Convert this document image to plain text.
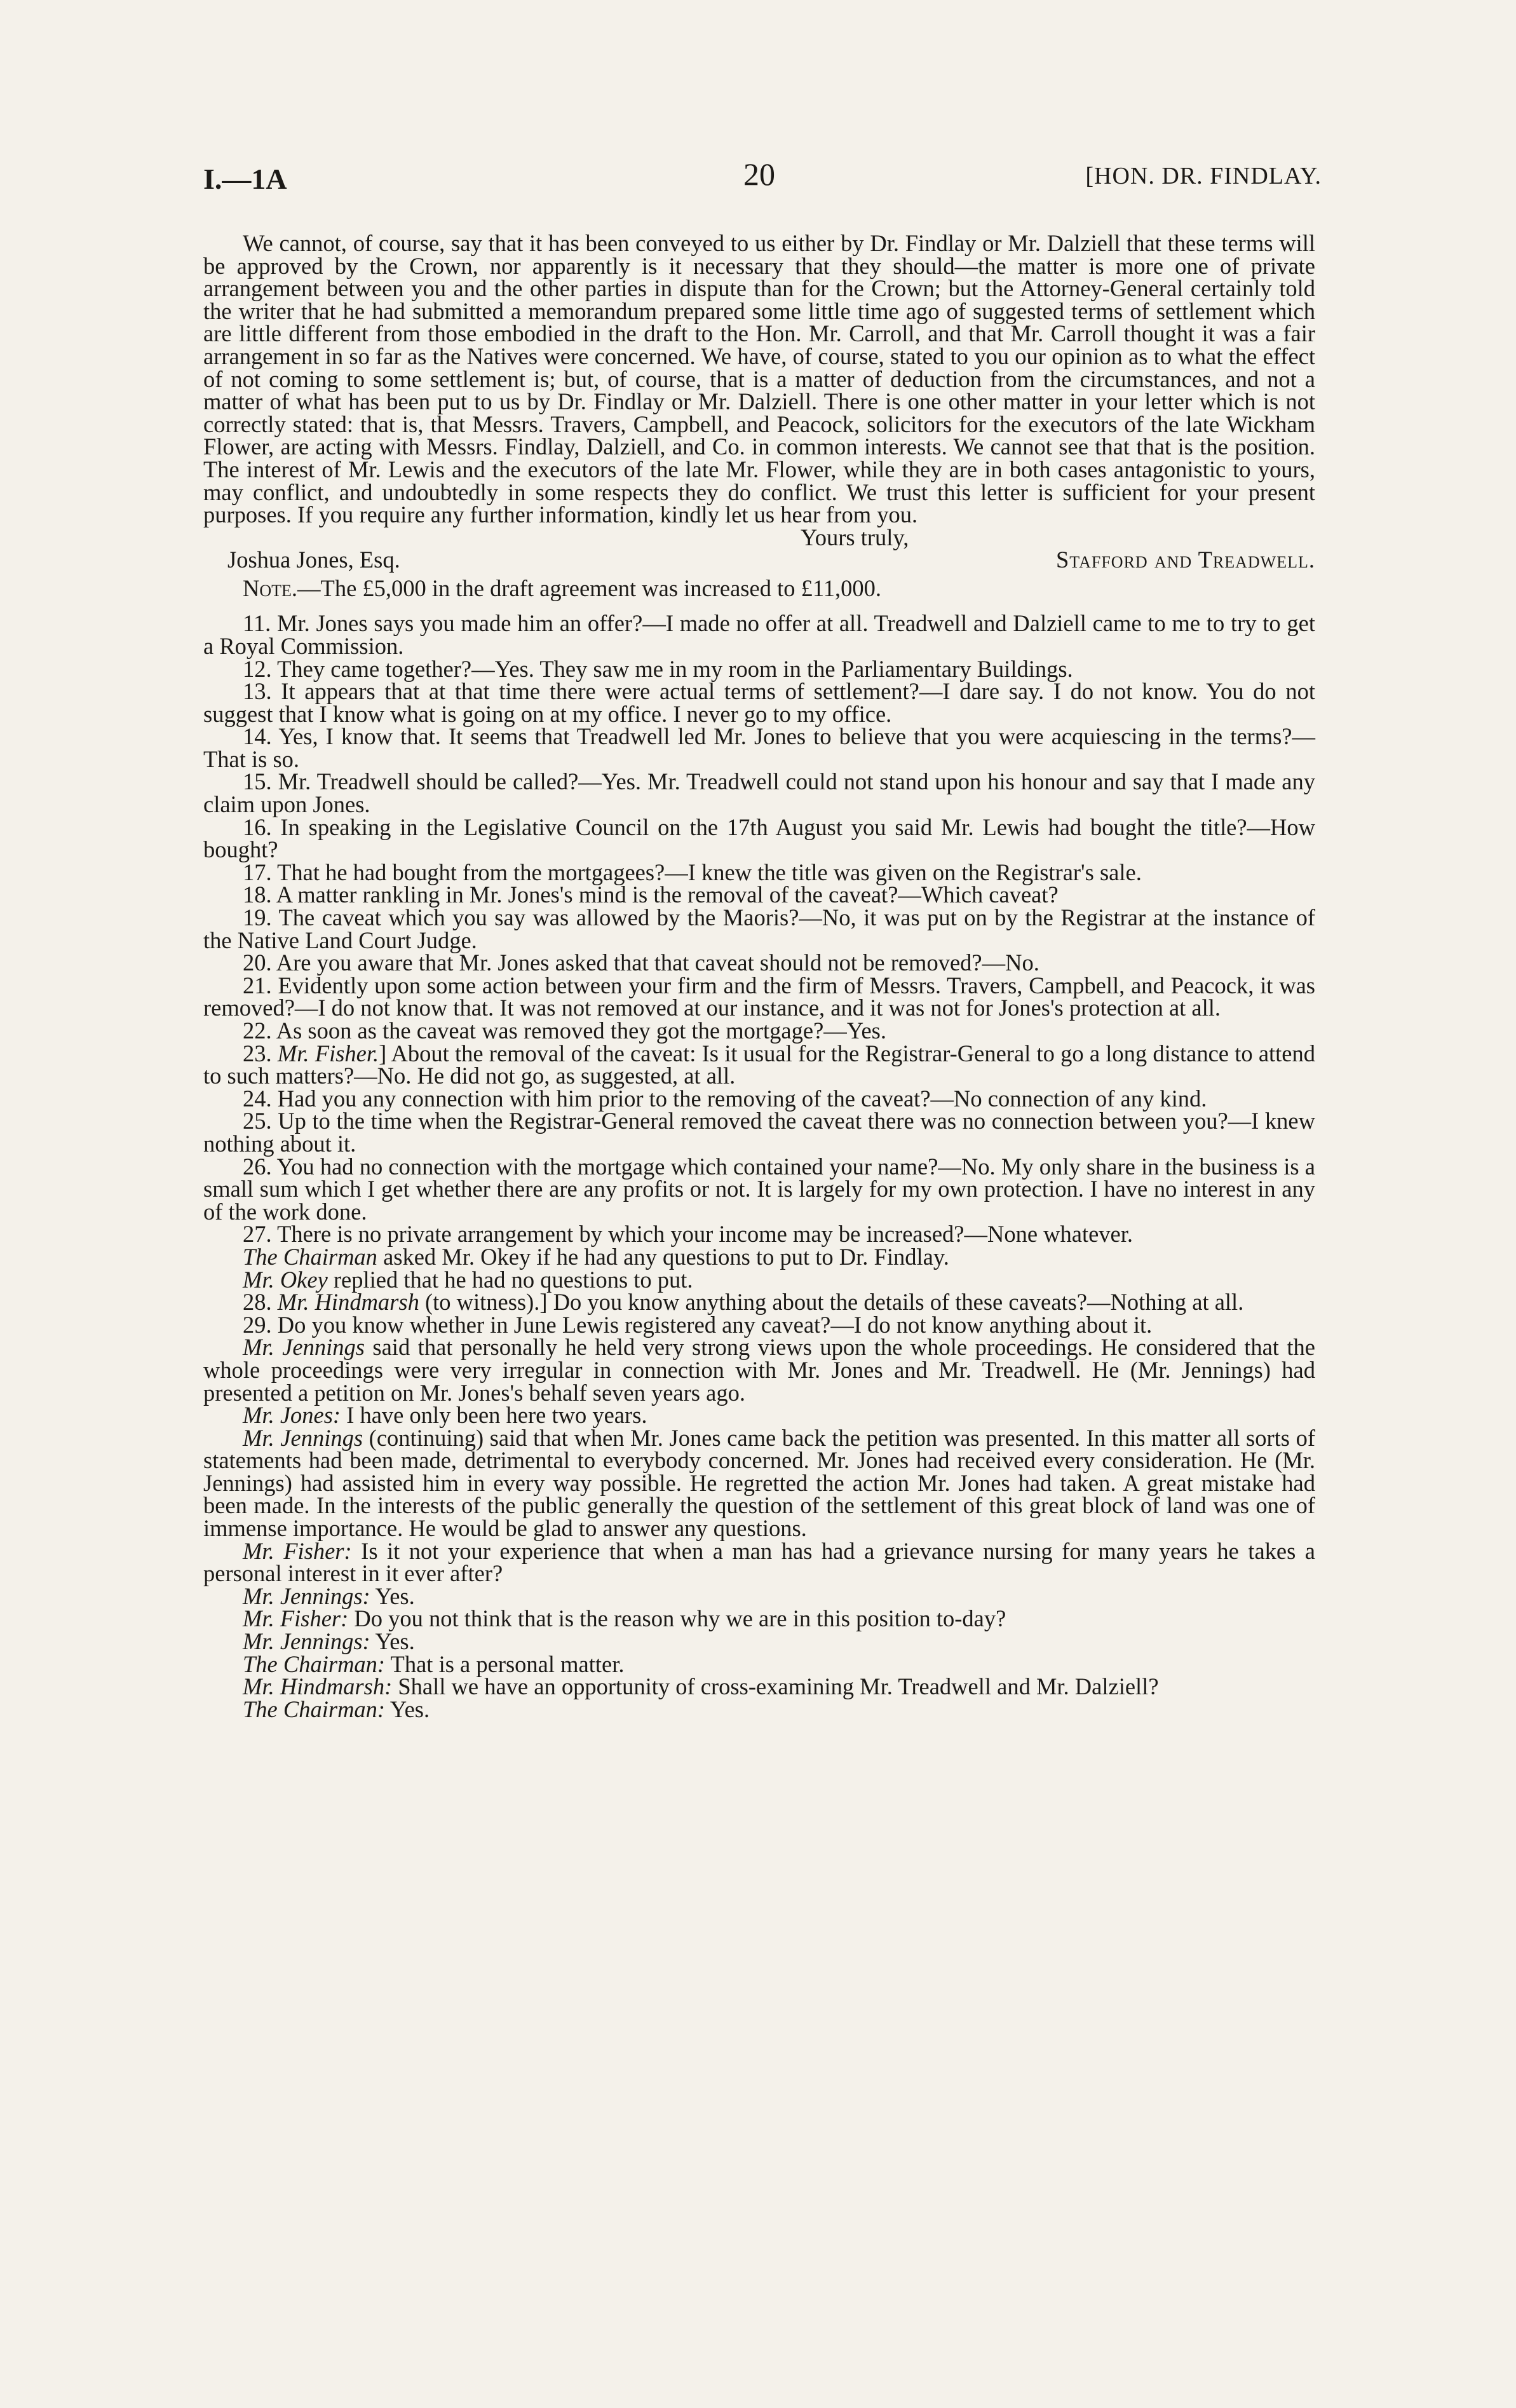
I.—1A	20	[HON. DR. FINDLAY.

We cannot, of course, say that it has been conveyed to us either by Dr. Findlay or Mr. Dalziell that these terms will be approved by the Crown, nor apparently is it necessary that they should—the matter is more one of private arrangement between you and the other parties in dispute than for the Crown; but the Attorney-General certainly told the writer that he had submitted a memorandum prepared some little time ago of suggested terms of settlement which are little different from those embodied in the draft to the Hon. Mr. Carroll, and that Mr. Carroll thought it was a fair arrangement in so far as the Natives were concerned. We have, of course, stated to you our opinion as to what the effect of not coming to some settlement is; but, of course, that is a matter of deduction from the circumstances, and not a matter of what has been put to us by Dr. Findlay or Mr. Dalziell. There is one other matter in your letter which is not correctly stated: that is, that Messrs. Travers, Campbell, and Peacock, solicitors for the executors of the late Wickham Flower, are acting with Messrs. Findlay, Dalziell, and Co. in common interests. We cannot see that that is the position. The interest of Mr. Lewis and the executors of the late Mr. Flower, while they are in both cases antagonistic to yours, may conflict, and undoubtedly in some respects they do conflict. We trust this letter is sufficient for your present purposes. If you require any further information, kindly let us hear from you.

Yours truly,
Joshua Jones, Esq.	Stafford and Treadwell.

Note.—The £5,000 in the draft agreement was increased to £11,000.

11. Mr. Jones says you made him an offer?—I made no offer at all. Treadwell and Dalziell came to me to try to get a Royal Commission.

12. They came together?—Yes. They saw me in my room in the Parliamentary Buildings.

13. It appears that at that time there were actual terms of settlement?—I dare say. I do not know. You do not suggest that I know what is going on at my office. I never go to my office.

14. Yes, I know that. It seems that Treadwell led Mr. Jones to believe that you were acquiescing in the terms?—That is so.

15. Mr. Treadwell should be called?—Yes. Mr. Treadwell could not stand upon his honour and say that I made any claim upon Jones.

16. In speaking in the Legislative Council on the 17th August you said Mr. Lewis had bought the title?—How bought?

17. That he had bought from the mortgagees?—I knew the title was given on the Registrar's sale.

18. A matter rankling in Mr. Jones's mind is the removal of the caveat?—Which caveat?

19. The caveat which you say was allowed by the Maoris?—No, it was put on by the Registrar at the instance of the Native Land Court Judge.

20. Are you aware that Mr. Jones asked that that caveat should not be removed?—No.

21. Evidently upon some action between your firm and the firm of Messrs. Travers, Campbell, and Peacock, it was removed?—I do not know that. It was not removed at our instance, and it was not for Jones's protection at all.

22. As soon as the caveat was removed they got the mortgage?—Yes.

23. Mr. Fisher.] About the removal of the caveat: Is it usual for the Registrar-General to go a long distance to attend to such matters?—No. He did not go, as suggested, at all.

24. Had you any connection with him prior to the removing of the caveat?—No connection of any kind.

25. Up to the time when the Registrar-General removed the caveat there was no connection between you?—I knew nothing about it.

26. You had no connection with the mortgage which contained your name?—No. My only share in the business is a small sum which I get whether there are any profits or not. It is largely for my own protection. I have no interest in any of the work done.

27. There is no private arrangement by which your income may be increased?—None whatever.

The Chairman asked Mr. Okey if he had any questions to put to Dr. Findlay.

Mr. Okey replied that he had no questions to put.

28. Mr. Hindmarsh (to witness).] Do you know anything about the details of these caveats?—Nothing at all.

29. Do you know whether in June Lewis registered any caveat?—I do not know anything about it.

Mr. Jennings said that personally he held very strong views upon the whole proceedings. He considered that the whole proceedings were very irregular in connection with Mr. Jones and Mr. Treadwell. He (Mr. Jennings) had presented a petition on Mr. Jones's behalf seven years ago.

Mr. Jones: I have only been here two years.

Mr. Jennings (continuing) said that when Mr. Jones came back the petition was presented. In this matter all sorts of statements had been made, detrimental to everybody concerned. Mr. Jones had received every consideration. He (Mr. Jennings) had assisted him in every way possible. He regretted the action Mr. Jones had taken. A great mistake had been made. In the interests of the public generally the question of the settlement of this great block of land was one of immense importance. He would be glad to answer any questions.

Mr. Fisher: Is it not your experience that when a man has had a grievance nursing for many years he takes a personal interest in it ever after?

Mr. Jennings: Yes.

Mr. Fisher: Do you not think that is the reason why we are in this position to-day?

Mr. Jennings: Yes.

The Chairman: That is a personal matter.

Mr. Hindmarsh: Shall we have an opportunity of cross-examining Mr. Treadwell and Mr. Dalziell?

The Chairman: Yes.
